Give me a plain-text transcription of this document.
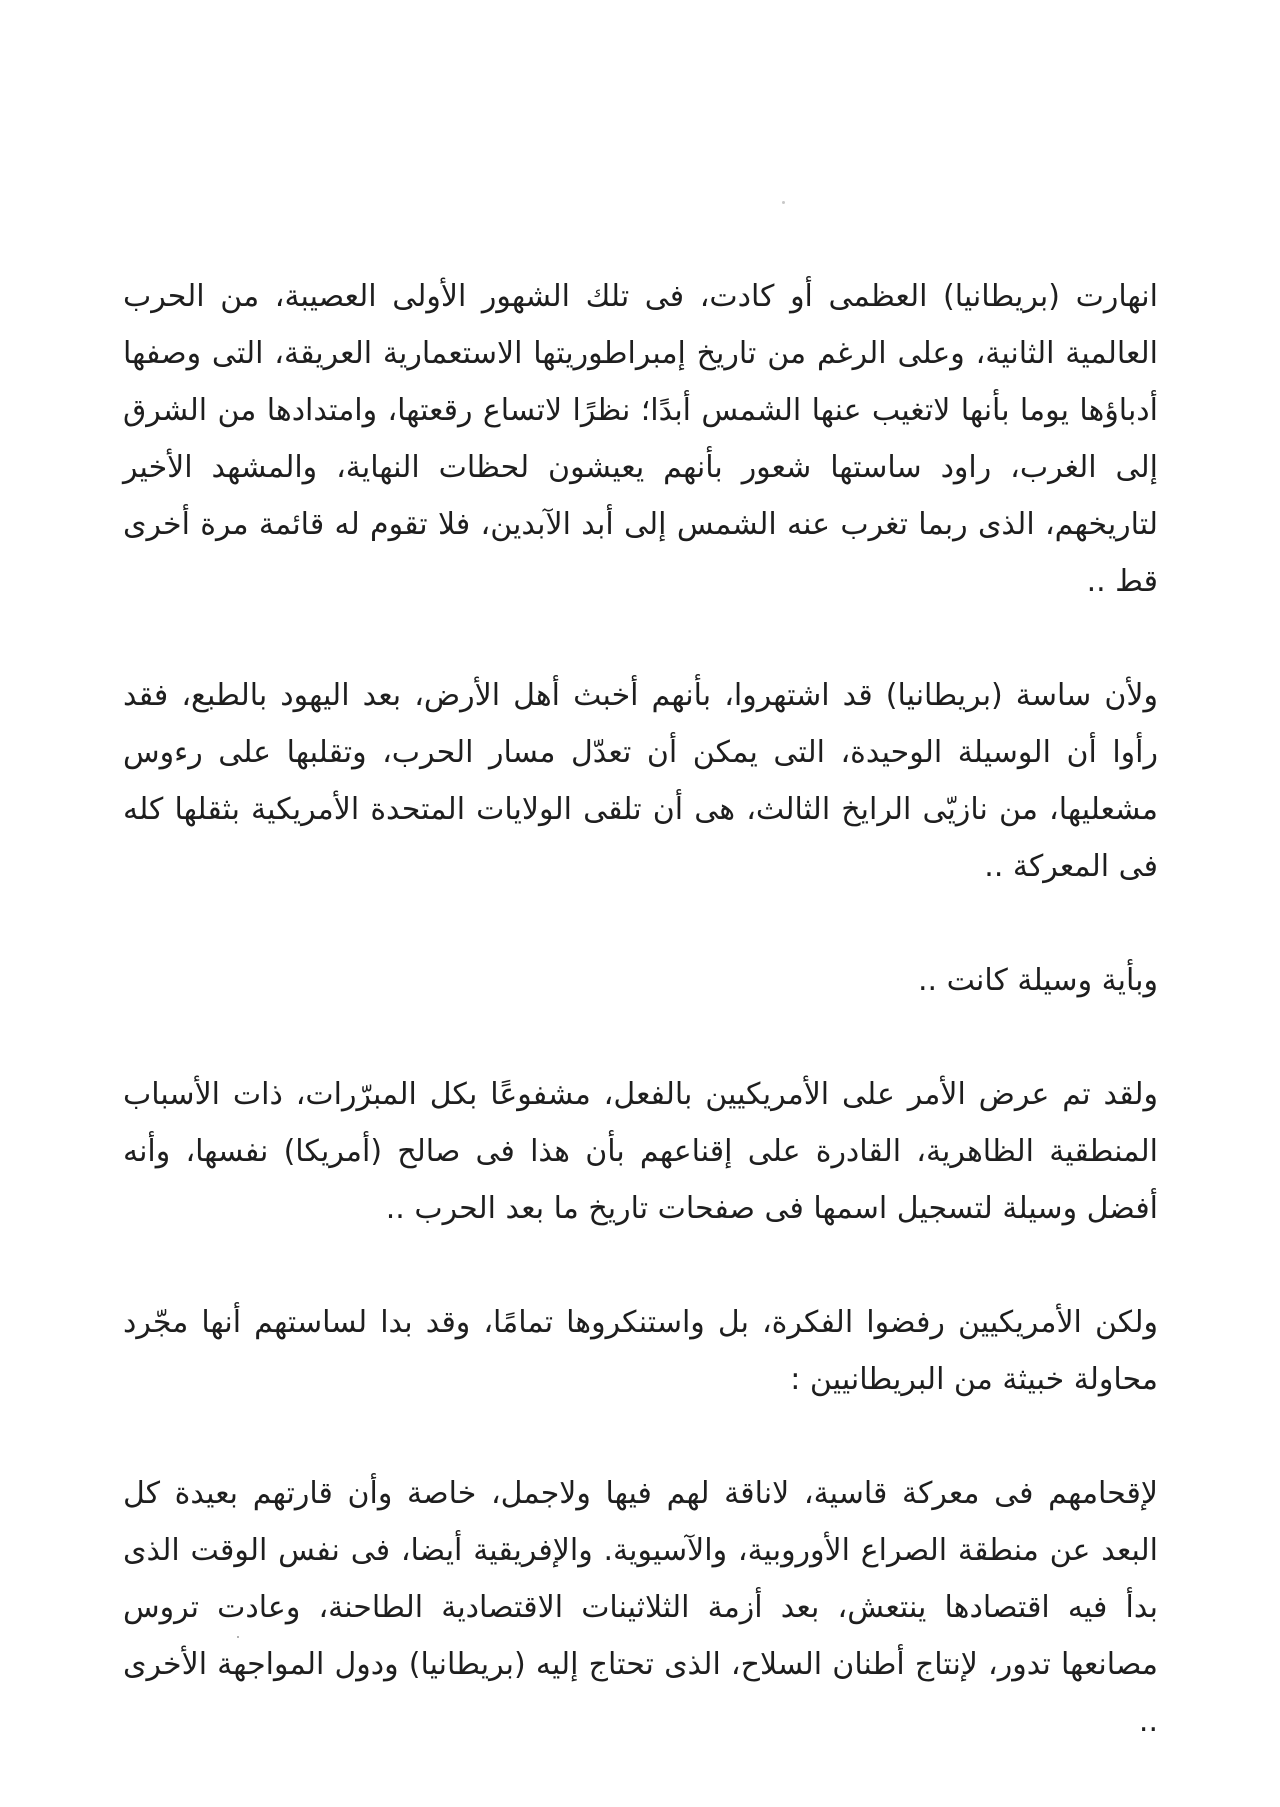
انهارت (بريطانيا) العظمى أو كادت، فى تلك الشهور الأولى العصيبة، من الحرب العالمية الثانية، وعلى الرغم من تاريخ إمبراطوريتها الاستعمارية العريقة، التى وصفها أدباؤها يوما بأنها لاتغيب عنها الشمس أبدًا؛ نظرًا لاتساع رقعتها، وامتدادها من الشرق إلى الغرب، راود ساستها شعور بأنهم يعيشون لحظات النهاية، والمشهد الأخير لتاريخهم، الذى ربما تغرب عنه الشمس إلى أبد الآبدين، فلا تقوم له قائمة مرة أخرى قط ..

ولأن ساسة (بريطانيا) قد اشتهروا، بأنهم أخبث أهل الأرض، بعد اليهود بالطبع، فقد رأوا أن الوسيلة الوحيدة، التى يمكن أن تعدّل مسار الحرب، وتقلبها على رءوس مشعليها، من نازيّى الرايخ الثالث، هى أن تلقى الولايات المتحدة الأمريكية بثقلها كله فى المعركة ..

وبأية وسيلة كانت ..

ولقد تم عرض الأمر على الأمريكيين بالفعل، مشفوعًا بكل المبرّرات، ذات الأسباب المنطقية الظاهرية، القادرة على إقناعهم بأن هذا فى صالح (أمريكا) نفسها، وأنه أفضل وسيلة لتسجيل اسمها فى صفحات تاريخ ما بعد الحرب ..

ولكن الأمريكيين رفضوا الفكرة، بل واستنكروها تمامًا، وقد بدا لساستهم أنها مجّرد محاولة خبيثة من البريطانيين :

لإقحامهم فى معركة قاسية، لاناقة لهم فيها ولاجمل، خاصة وأن قارتهم بعيدة كل البعد عن منطقة الصراع الأوروبية، والآسيوية. والإفريقية أيضا، فى نفس الوقت الذى بدأ فيه اقتصادها ينتعش، بعد أزمة الثلاثينات الاقتصادية الطاحنة، وعادت تروس مصانعها تدور، لإنتاج أطنان السلاح، الذى تحتاج إليه (بريطانيا) ودول المواجهة الأخرى ..
